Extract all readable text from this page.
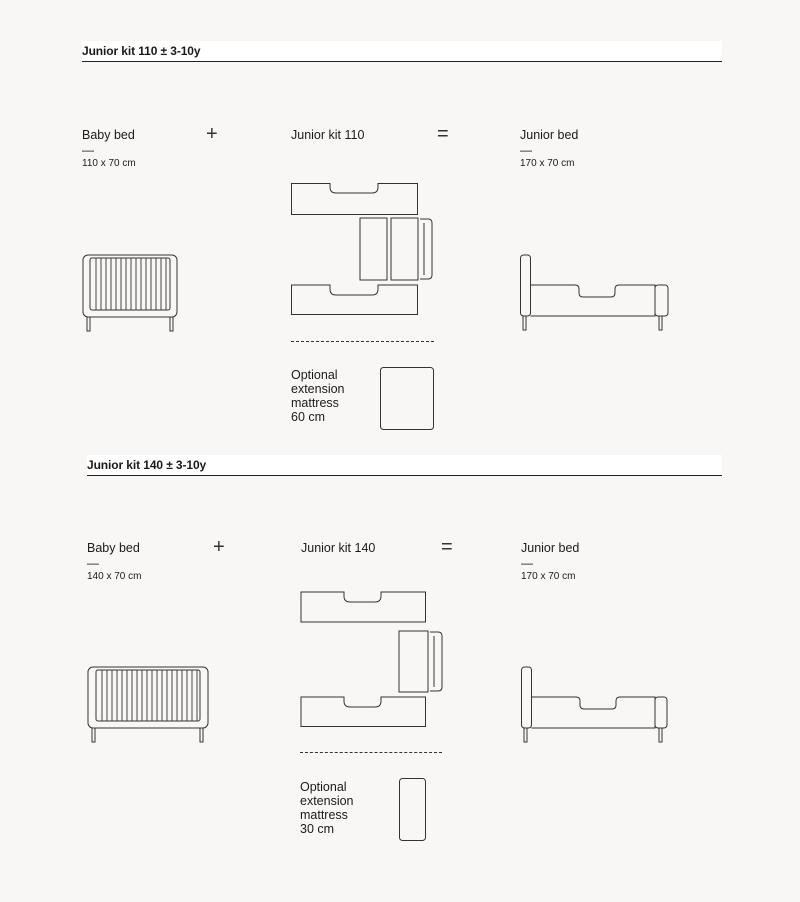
Junior kit 110 ± 3-10y
Baby bed
—
110 x 70 cm
+	Junior kit 110	=	Junior bed
—
170 x 70 cm
Optional
extension
mattress
60 cm
Junior kit 140 ± 3-10y
Baby bed
—
140 x 70 cm
+	Junior kit 140	=	Junior bed
—
170 x 70 cm
Optional
extension
mattress
30 cm
